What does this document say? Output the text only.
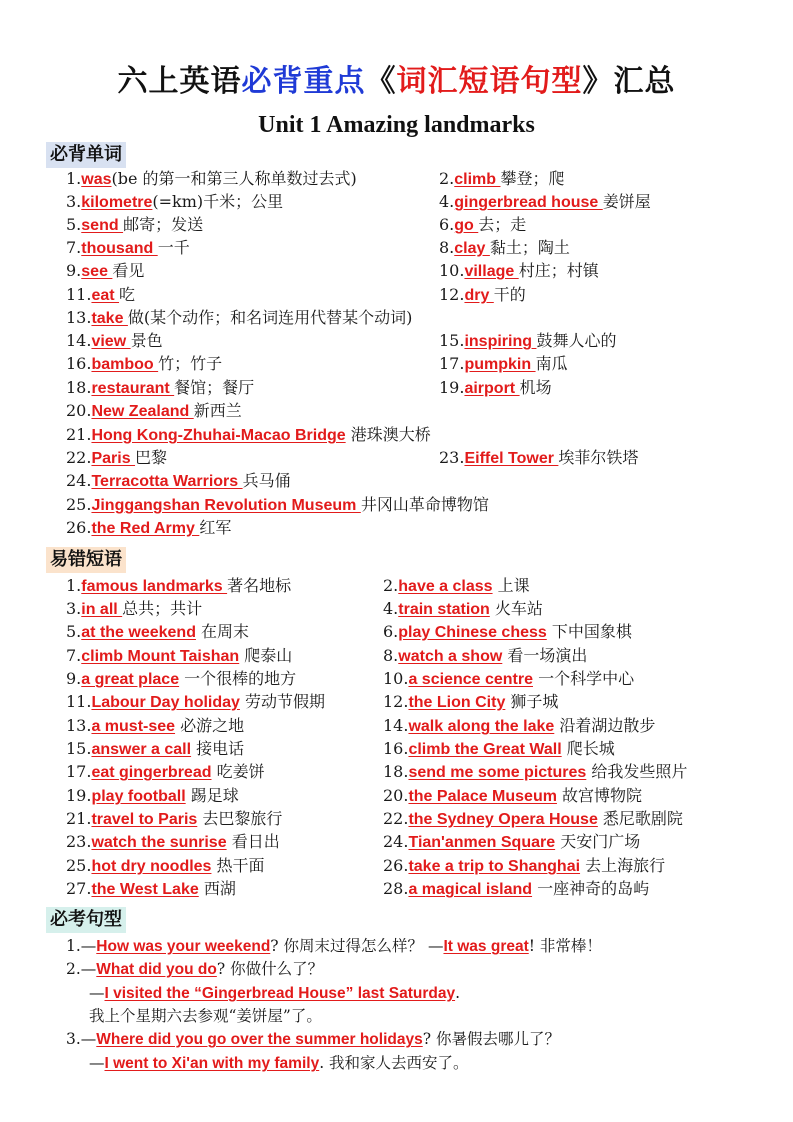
六上英语必背重点《词汇短语句型》汇总
Unit 1 Amazing landmarks
必背单词
易错短语
必考句型
1.was(be 的第一和第三人称单数过去式)	2.climb 攀登；爬
3.kilometre(=km)千米；公里	4.gingerbread house 姜饼屋
5.send 邮寄；发送	6.go 去；走
7.thousand 一千	8.clay 黏土；陶土
9.see 看见	10.village 村庄；村镇
11.eat 吃	12.dry 干的
13.take 做(某个动作；和名词连用代替某个动词)
14.view 景色	15.inspiring 鼓舞人心的
16.bamboo 竹；竹子	17.pumpkin 南瓜
18.restaurant 餐馆；餐厅	19.airport 机场
20.New Zealand 新西兰
21.Hong Kong-Zhuhai-Macao Bridge 港珠澳大桥
22.Paris 巴黎	23.Eiffel Tower 埃菲尔铁塔
24.Terracotta Warriors 兵马俑
25.Jinggangshan Revolution Museum 井冈山革命博物馆
26.the Red Army 红军
1.famous landmarks 著名地标	2.have a class 上课
3.in all 总共；共计	4.train station 火车站
5.at the weekend 在周末	6.play Chinese chess 下中国象棋
7.climb Mount Taishan 爬泰山	8.watch a show 看一场演出
9.a great place 一个很棒的地方	10.a science centre 一个科学中心
11.Labour Day holiday 劳动节假期	12.the Lion City 狮子城
13.a must-see 必游之地	14.walk along the lake 沿着湖边散步
15.answer a call 接电话	16.climb the Great Wall 爬长城
17.eat gingerbread 吃姜饼	18.send me some pictures 给我发些照片
19.play football 踢足球	20.the Palace Museum 故宫博物院
21.travel to Paris 去巴黎旅行	22.the Sydney Opera House 悉尼歌剧院
23.watch the sunrise 看日出	24.Tian'anmen Square 天安门广场
25.hot dry noodles 热干面	26.take a trip to Shanghai 去上海旅行
27.the West Lake 西湖	28.a magical island 一座神奇的岛屿
1.—How was your weekend? 你周末过得怎么样？ —It was great! 非常棒！
2.—What did you do? 你做什么了？
—I visited the “Gingerbread House” last Saturday.
我上个星期六去参观“姜饼屋”了。
3.—Where did you go over the summer holidays? 你暑假去哪儿了？
—I went to Xi'an with my family. 我和家人去西安了。
